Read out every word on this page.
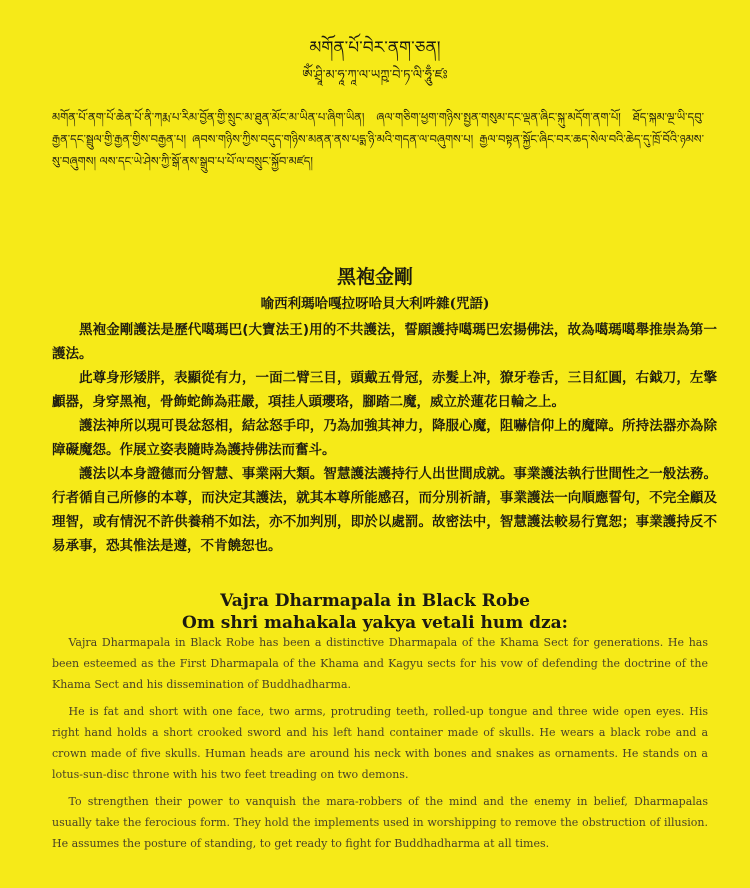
མགོན་པོ་བེར་ནག་ཅན།
ཨོཾ་ཤྲཱི་མ་ཧཱ་ཀཱ་ལ་ཡཀྵ་བེ་ཏ་ལི་ཧཱུྃ་ཛཿ
མགོན་པོ་ནག་པོ་ཆེན་པོ་ནི་ཀརྨ་པ་རིམ་བྱོན་གྱི་སྲུང་མ་ཐུན་མོང་མ་ཡིན་པ་ཞིག་ཡིན། ཞལ་གཅིག་ཕྱག་གཉིས་སྤྱན་གསུམ་དང་ལྡན་ཞིང་སྐུ་མདོག་ནག་པོ། ཐོད་སྐམ་ལྔ་ཡི་དབུ་རྒྱན་དང་སྦྲུལ་གྱི་རྒྱན་གྱིས་བརྒྱན་པ། ཞབས་གཉིས་ཀྱིས་བདུད་གཉིས་མནན་ནས་པདྨ་ཉི་མའི་གདན་ལ་བཞུགས་པ། རྒྱལ་བསྟན་སྐྱོང་ཞིང་བར་ཆད་སེལ་བའི་ཆེད་དུ་ཁྲོ་བོའི་ཉམས་སུ་བཞུགས། ལས་དང་ཡེ་ཤེས་ཀྱི་སྒོ་ནས་སྒྲུབ་པ་པོ་ལ་བསྲུང་སྐྱོབ་མཛད།
黑袍金剛
喻西利瑪哈嘎拉呀哈貝大利吽雜(咒語)

黑袍金剛護法是歷代噶瑪巴(大寶法王)用的不共護法，誓願護持噶瑪巴宏揚佛法，故為噶瑪噶舉推崇為第一護法。

此尊身形矮胖，表顯從有力，一面二臂三目，頭戴五骨冠，赤髮上冲，獠牙卷舌，三目紅圓，右鉞刀，左擎顱器，身穿黑袍，骨飾蛇飾為莊嚴，項挂人頭瓔珞，腳踏二魔，威立於蓮花日輪之上。

護法神所以現可畏忿怒相，結忿怒手印，乃為加強其神力，降服心魔，阻嚇信仰上的魔障。所持法器亦為除障礙魔怨。作展立姿表隨時為護持佛法而奮斗。

護法以本身證德而分智慧、事業兩大類。智慧護法護持行人出世間成就。事業護法執行世間性之一般法務。行者循自己所修的本尊，而決定其護法，就其本尊所能感召，而分別祈請，事業護法一向順應誓句，不完全顧及理智，或有情況不許供養稍不如法，亦不加判別，即於以處罰。故密法中，智慧護法較易行寬恕；事業護持反不易承事，恐其惟法是遵，不肯饒恕也。

Vajra Dharmapala in Black Robe
Om shri mahakala yakya vetali hum dza:

Vajra Dharmapala in Black Robe has been a distinctive Dharmapala of the Khama Sect for generations. He has been esteemed as the First Dharmapala of the Khama and Kagyu sects for his vow of defending the doctrine of the Khama Sect and his dissemination of Buddhadharma.

He is fat and short with one face, two arms, protruding teeth, rolled-up tongue and three wide open eyes. His right hand holds a short crooked sword and his left hand container made of skulls. He wears a black robe and a crown made of five skulls. Human heads are around his neck with bones and snakes as ornaments. He stands on a lotus-sun-disc throne with his two feet treading on two demons.

To strengthen their power to vanquish the mara-robbers of the mind and the enemy in belief, Dharmapalas usually take the ferocious form. They hold the implements used in worshipping to remove the obstruction of illusion. He assumes the posture of standing, to get ready to fight for Buddhadharma at all times.
